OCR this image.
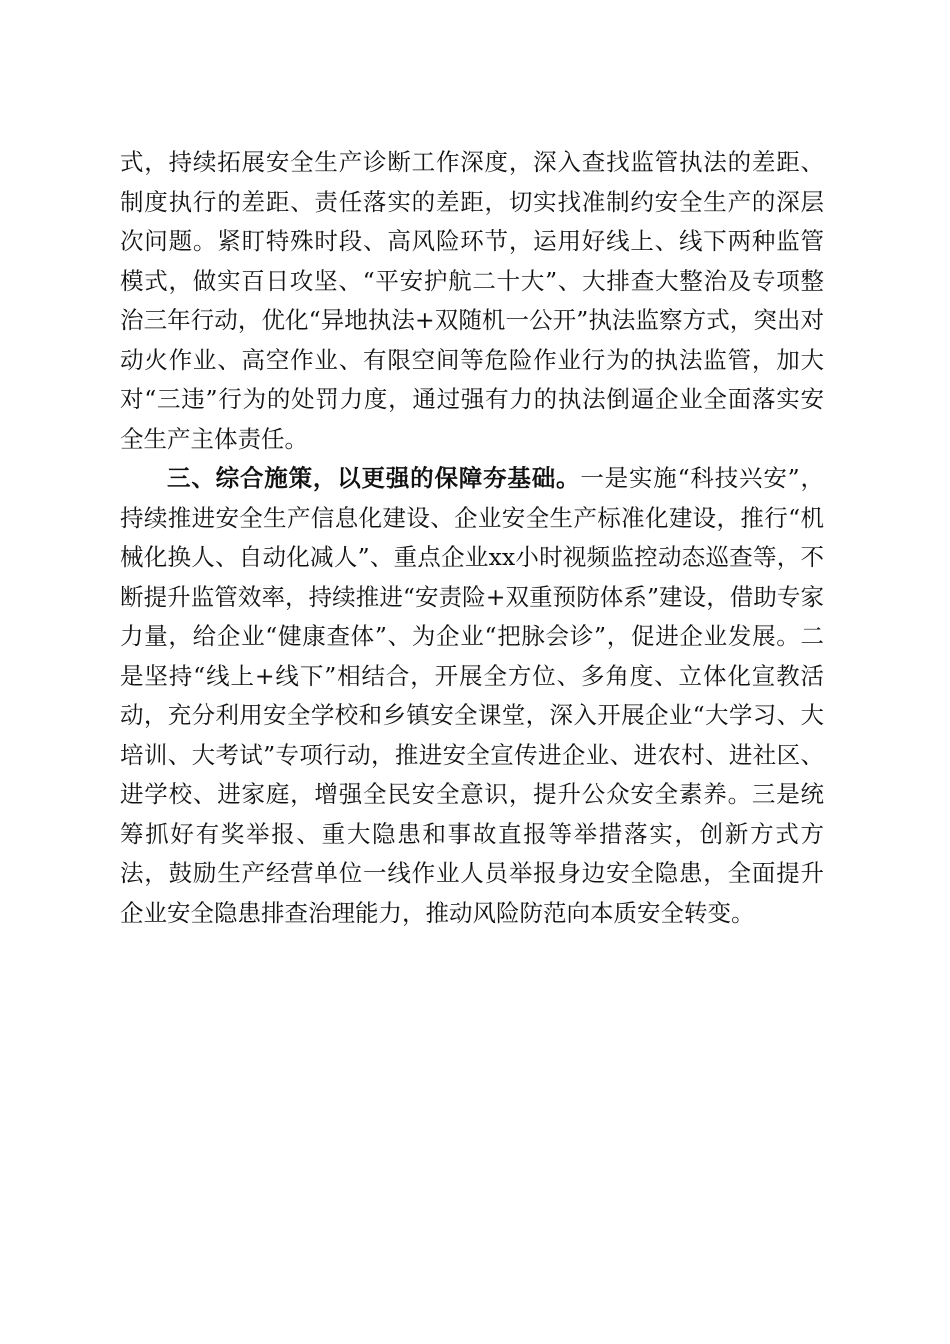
式，持续拓展安全生产诊断工作深度，深入查找监管执法的差距、制度执行的差距、责任落实的差距，切实找准制约安全生产的深层次问题。紧盯特殊时段、高风险环节，运用好线上、线下两种监管模式，做实百日攻坚、“平安护航二十大”、大排查大整治及专项整治三年行动，优化“异地执法+双随机一公开”执法监察方式，突出对动火作业、高空作业、有限空间等危险作业行为的执法监管，加大对“三违”行为的处罚力度，通过强有力的执法倒逼企业全面落实安全生产主体责任。

三、综合施策，以更强的保障夯基础。一是实施“科技兴安”，持续推进安全生产信息化建设、企业安全生产标准化建设，推行“机械化换人、自动化减人”、重点企业xx小时视频监控动态巡查等，不断提升监管效率，持续推进“安责险+双重预防体系”建设，借助专家力量，给企业“健康查体”、为企业“把脉会诊”，促进企业发展。二是坚持“线上+线下”相结合，开展全方位、多角度、立体化宣教活动，充分利用安全学校和乡镇安全课堂，深入开展企业“大学习、大培训、大考试”专项行动，推进安全宣传进企业、进农村、进社区、进学校、进家庭，增强全民安全意识，提升公众安全素养。三是统筹抓好有奖举报、重大隐患和事故直报等举措落实，创新方式方法，鼓励生产经营单位一线作业人员举报身边安全隐患，全面提升企业安全隐患排查治理能力，推动风险防范向本质安全转变。
